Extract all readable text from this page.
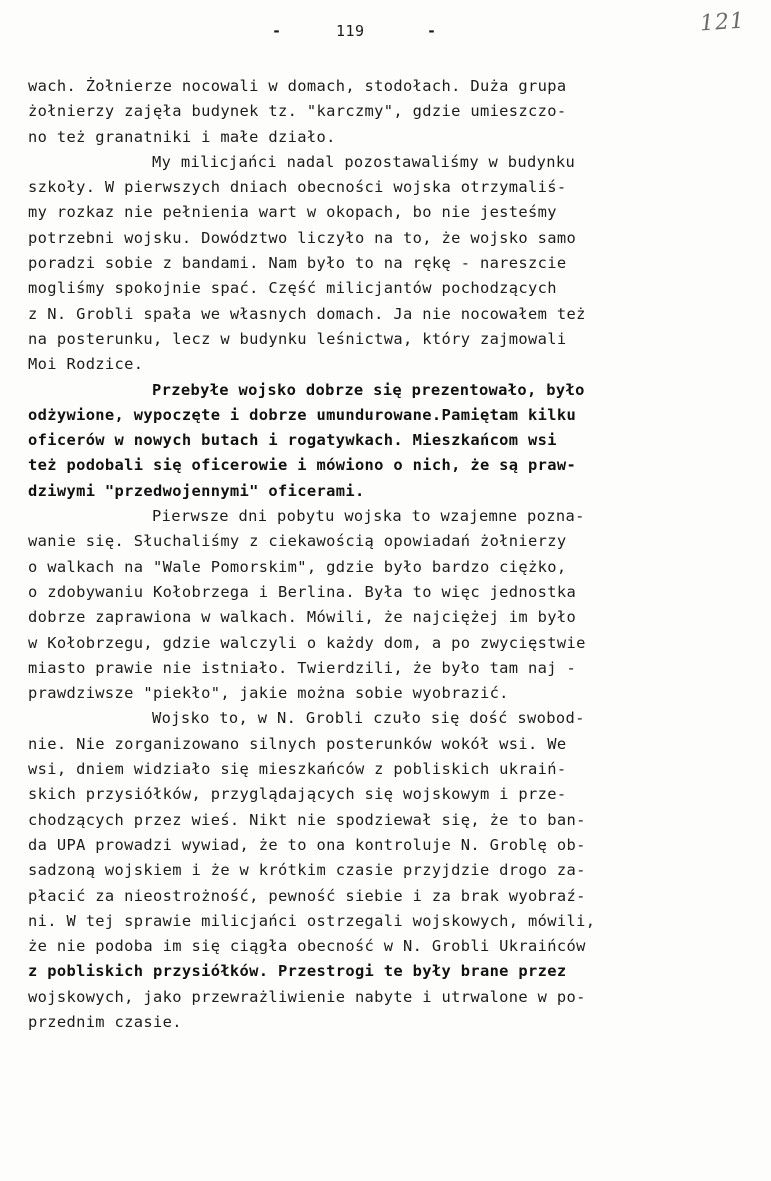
-	119	-	121
wach. Żołnierze nocowali w domach, stodołach. Duża grupa
żołnierzy zajęła budynek tz. "karczmy", gdzie umieszczo-
no też granatniki i małe działo.
My milicjańci nadal pozostawaliśmy w budynku
szkoły. W pierwszych dniach obecności wojska otrzymaliś-
my rozkaz nie pełnienia wart w okopach, bo nie jesteśmy
potrzebni wojsku. Dowództwo liczyło na to, że wojsko samo
poradzi sobie z bandami. Nam było to na rękę - nareszcie
mogliśmy spokojnie spać. Część milicjantów pochodzących
z N. Grobli spała we własnych domach. Ja nie nocowałem też
na posterunku, lecz w budynku leśnictwa, który zajmowali
Moi Rodzice.
Przebyłe wojsko dobrze się prezentowało, było
odżywione, wypoczęte i dobrze umundurowane.Pamiętam kilku
oficerów w nowych butach i rogatywkach. Mieszkańcom wsi
też podobali się oficerowie i mówiono o nich, że są praw-
dziwymi "przedwojennymi" oficerami.
Pierwsze dni pobytu wojska to wzajemne pozna-
wanie się. Słuchaliśmy z ciekawością opowiadań żołnierzy
o walkach na "Wale Pomorskim", gdzie było bardzo ciężko,
o zdobywaniu Kołobrzega i Berlina. Była to więc jednostka
dobrze zaprawiona w walkach. Mówili, że najciężej im było
w Kołobrzegu, gdzie walczyli o każdy dom, a po zwycięstwie
miasto prawie nie istniało. Twierdzili, że było tam naj -
prawdziwsze "piekło", jakie można sobie wyobrazić.
Wojsko to, w N. Grobli czuło się dość swobod-
nie. Nie zorganizowano silnych posterunków wokół wsi. We
wsi, dniem widziało się mieszkańców z pobliskich ukraiń-
skich przysiółków, przyglądających się wojskowym i prze-
chodzących przez wieś. Nikt nie spodziewał się, że to ban-
da UPA prowadzi wywiad, że to ona kontroluje N. Groblę ob-
sadzoną wojskiem i że w krótkim czasie przyjdzie drogo za-
płacić za nieostrożność, pewność siebie i za brak wyobraź-
ni. W tej sprawie milicjańci ostrzegali wojskowych, mówili,
że nie podoba im się ciągła obecność w N. Grobli Ukraińców
z pobliskich przysiółków. Przestrogi te były brane przez
wojskowych, jako przewrażliwienie nabyte i utrwalone w po-
przednim czasie.
